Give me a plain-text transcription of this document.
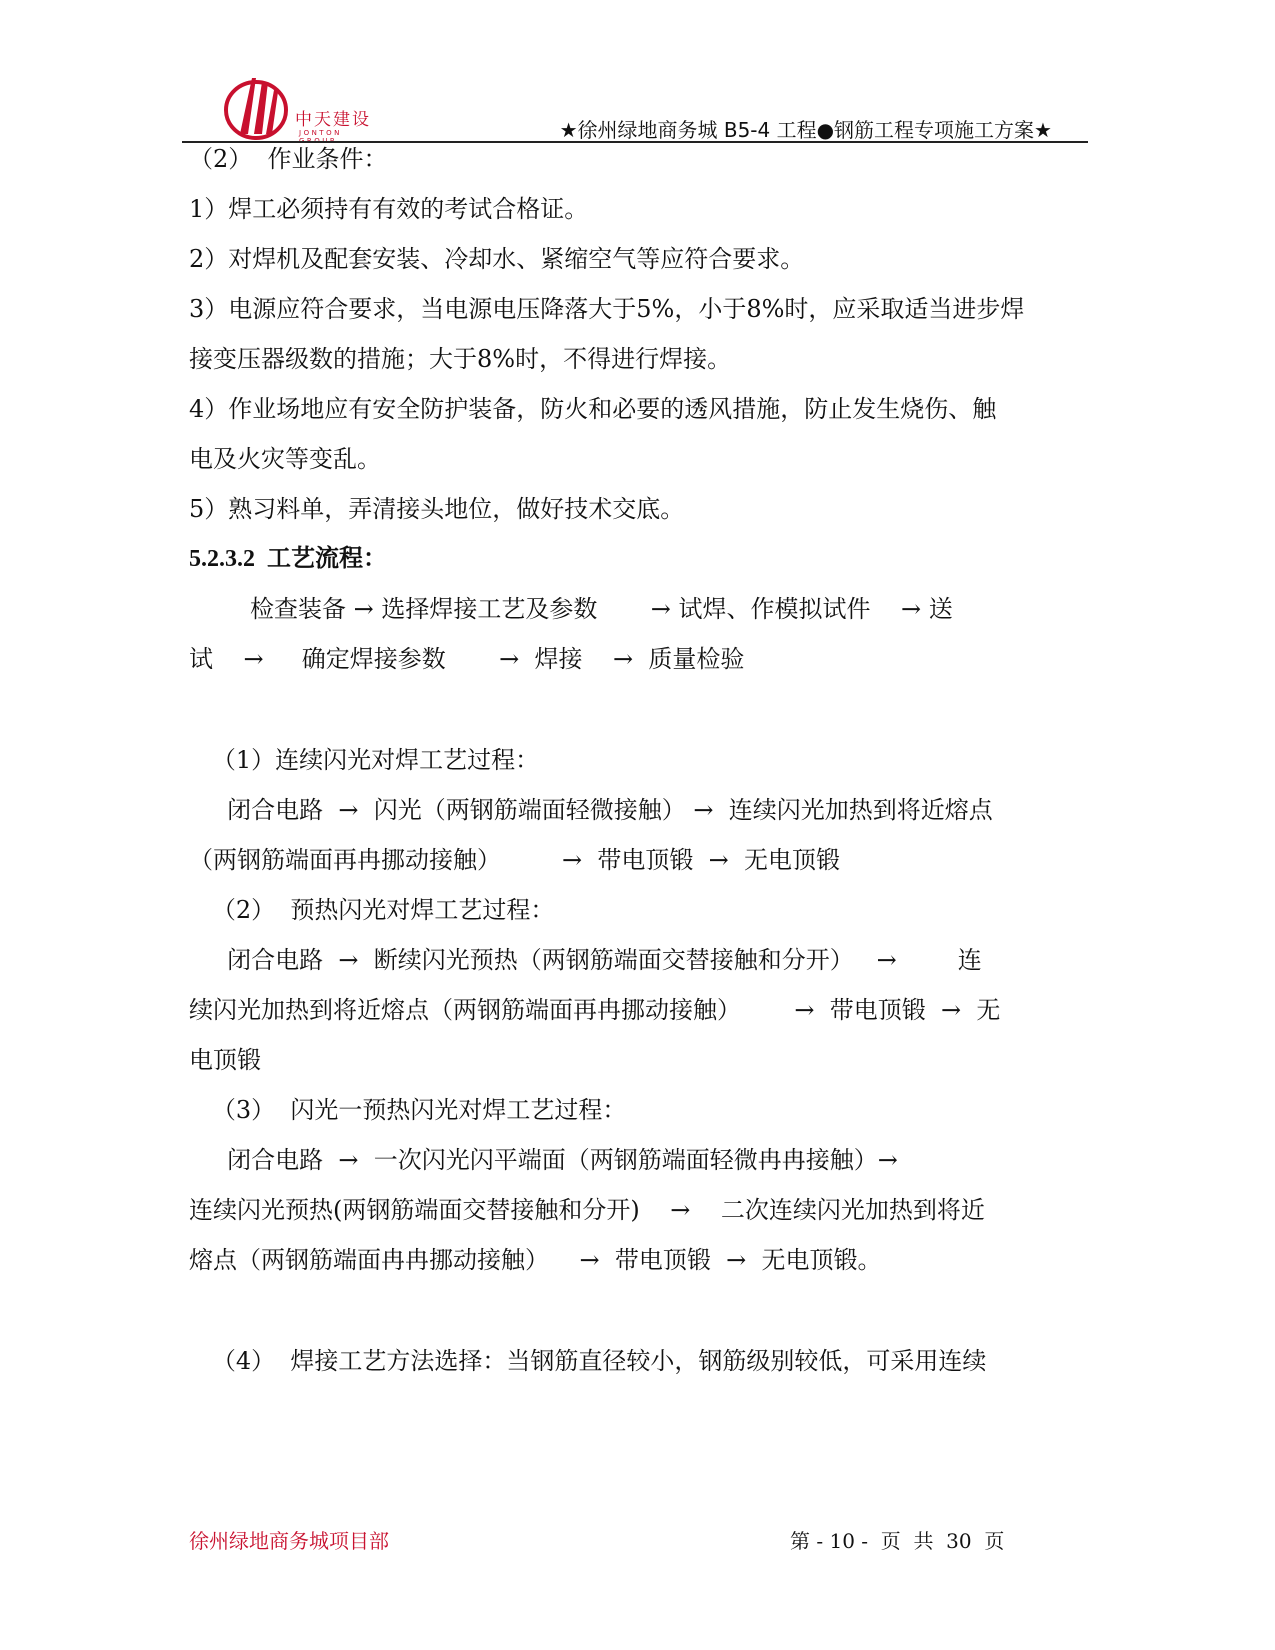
中天建设
JONTON GROUP	★徐州绿地商务城 B5-4 工程●钢筋工程专项施工方案★
（2）  作业条件：
1）焊工必须持有有效的考试合格证。
2）对焊机及配套安装、冷却水、紧缩空气等应符合要求。
3）电源应符合要求，当电源电压降落大于5%，小于8%时，应采取适当进步焊
接变压器级数的措施；大于8%时，不得进行焊接。
4）作业场地应有安全防护装备，防火和必要的透风措施，防止发生烧伤、触
电及火灾等变乱。
5）熟习料单，弄清接头地位，做好技术交底。
5.2.3.2  工艺流程：
检查装备 → 选择焊接工艺及参数       → 试焊、作模拟试件    → 送
试    →     确定焊接参数       →  焊接    →  质量检验
（1）连续闪光对焊工艺过程：
闭合电路  →  闪光（两钢筋端面轻微接触） →  连续闪光加热到将近熔点
（两钢筋端面再冉挪动接触）        →  带电顶锻  →  无电顶锻
（2）  预热闪光对焊工艺过程：
闭合电路  →  断续闪光预热（两钢筋端面交替接触和分开）   →        连
续闪光加热到将近熔点（两钢筋端面再冉挪动接触）       →  带电顶锻  →  无
电顶锻
（3）  闪光一预热闪光对焊工艺过程：
闭合电路  →  一次闪光闪平端面（两钢筋端面轻微冉冉接触）→
连续闪光预热(两钢筋端面交替接触和分开)    →    二次连续闪光加热到将近
熔点（两钢筋端面冉冉挪动接触）    →  带电顶锻  →  无电顶锻。
（4）  焊接工艺方法选择：当钢筋直径较小，钢筋级别较低，可采用连续
徐州绿地商务城项目部	第 - 10 -  页  共  30  页
